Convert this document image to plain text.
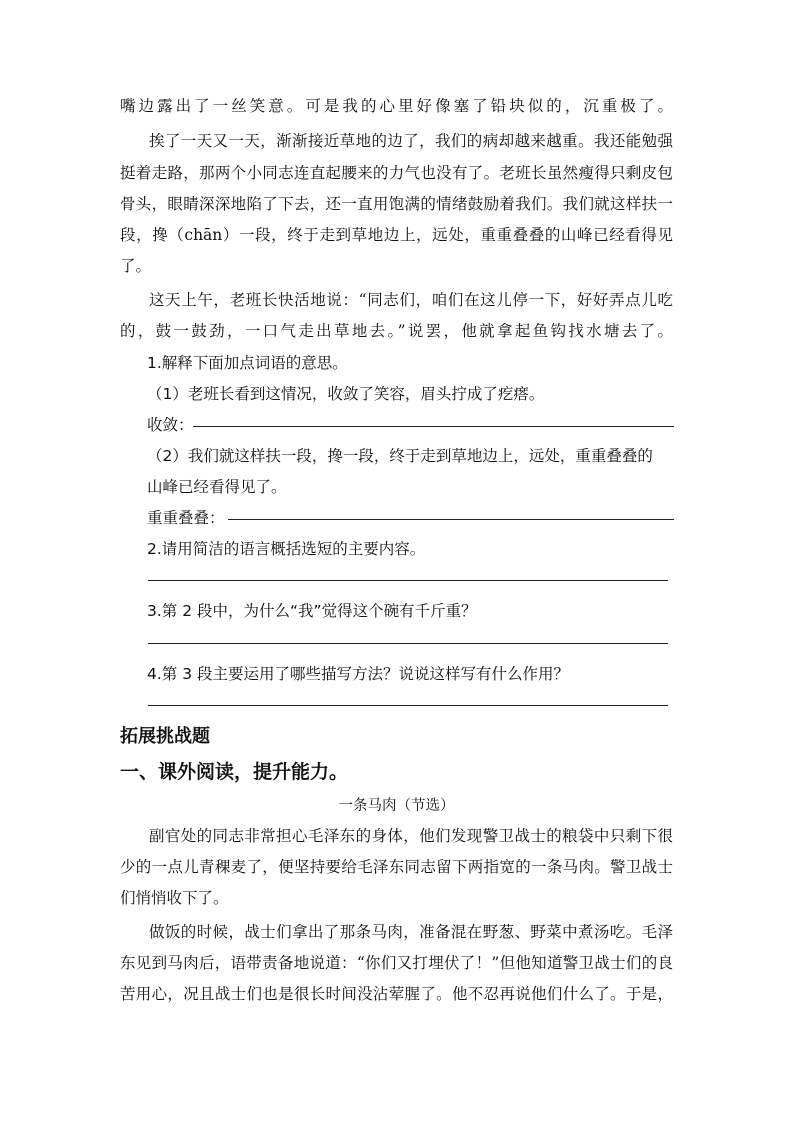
嘴边露出了一丝笑意。可是我的心里好像塞了铅块似的，沉重极了。
挨了一天又一天，渐渐接近草地的边了，我们的病却越来越重。我还能勉强
挺着走路，那两个小同志连直起腰来的力气也没有了。老班长虽然瘦得只剩皮包
骨头，眼睛深深地陷了下去，还一直用饱满的情绪鼓励着我们。我们就这样扶一
段，搀（chān）一段，终于走到草地边上，远处，重重叠叠的山峰已经看得见
了。
这天上午，老班长快活地说：“同志们，咱们在这儿停一下，好好弄点儿吃
的，鼓一鼓劲，一口气走出草地去。”说罢，他就拿起鱼钩找水塘去了。
1.解释下面加点词语的意思。
（1）老班长看到这情况，收敛了笑容，眉头拧成了疙瘩。
收敛：
（2）我们就这样扶一段，搀一段，终于走到草地边上，远处，重重叠叠的
山峰已经看得见了。
重重叠叠：
2.请用简洁的语言概括选短的主要内容。
3.第 2 段中，为什么“我”觉得这个碗有千斤重？
4.第 3 段主要运用了哪些描写方法？说说这样写有什么作用？
拓展挑战题
一、课外阅读，提升能力。
一条马肉（节选）
副官处的同志非常担心毛泽东的身体，他们发现警卫战士的粮袋中只剩下很
少的一点儿青稞麦了，便坚持要给毛泽东同志留下两指宽的一条马肉。警卫战士
们悄悄收下了。
做饭的时候，战士们拿出了那条马肉，准备混在野葱、野菜中煮汤吃。毛泽
东见到马肉后，语带责备地说道：“你们又打埋伏了！”但他知道警卫战士们的良
苦用心，况且战士们也是很长时间没沾荤腥了。他不忍再说他们什么了。于是，
